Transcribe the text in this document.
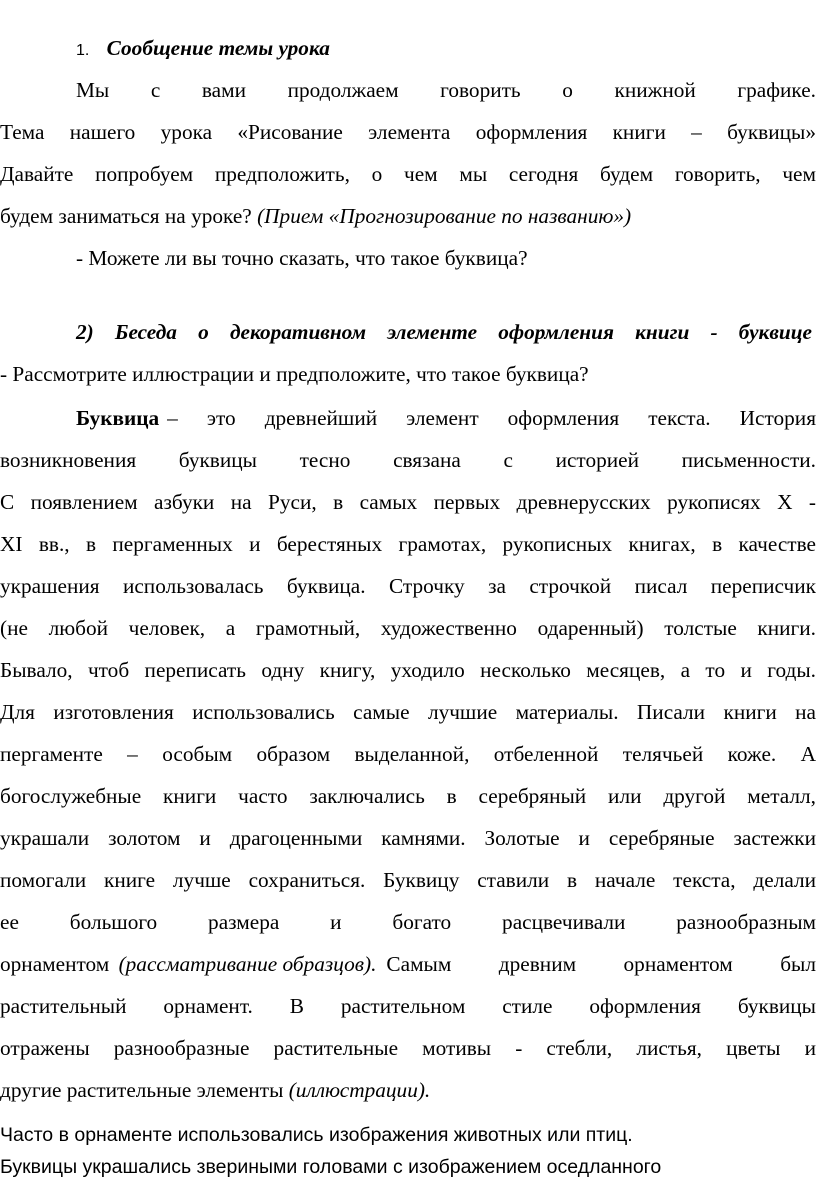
1. Сообщение темы урока
Мы с вами продолжаем говорить о книжной графике.
Тема нашего урока «Рисование элемента оформления книги – буквицы»
Давайте попробуем предположить, о чем мы сегодня будем говорить, чем
будем заниматься на уроке? (Прием «Прогнозирование по названию»)
- Можете ли вы точно сказать, что такое буквица?
2) Беседа о декоративном элементе оформления книги - буквице
- Рассмотрите иллюстрации и предположите, что такое буквица?
Буквица – это древнейший элемент оформления текста. История
возникновения буквицы тесно связана с историей письменности.
С появлением азбуки на Руси, в самых первых древнерусских рукописях X -
XI вв., в пергаменных и берестяных грамотах, рукописных книгах, в качестве
украшения использовалась буквица. Строчку за строчкой писал переписчик
(не любой человек, а грамотный, художественно одаренный) толстые книги.
Бывало, чтоб переписать одну книгу, уходило несколько месяцев, а то и годы.
Для изготовления использовались самые лучшие материалы. Писали книги на
пергаменте – особым образом выделанной, отбеленной телячьей коже. А
богослужебные книги часто заключались в серебряный или другой металл,
украшали золотом и драгоценными камнями. Золотые и серебряные застежки
помогали книге лучше сохраниться. Буквицу ставили в начале текста, делали
ее большого размера и богато расцвечивали разнообразным
орнаментом (рассматривание образцов). Самым древним орнаментом был
растительный орнамент. В растительном стиле оформления буквицы
отражены разнообразные растительные мотивы - стебли, листья, цветы и
другие растительные элементы (иллюстрации).
Часто в орнаменте использовались изображения животных или птиц.
Буквицы украшались звериными головами с изображением оседланного
